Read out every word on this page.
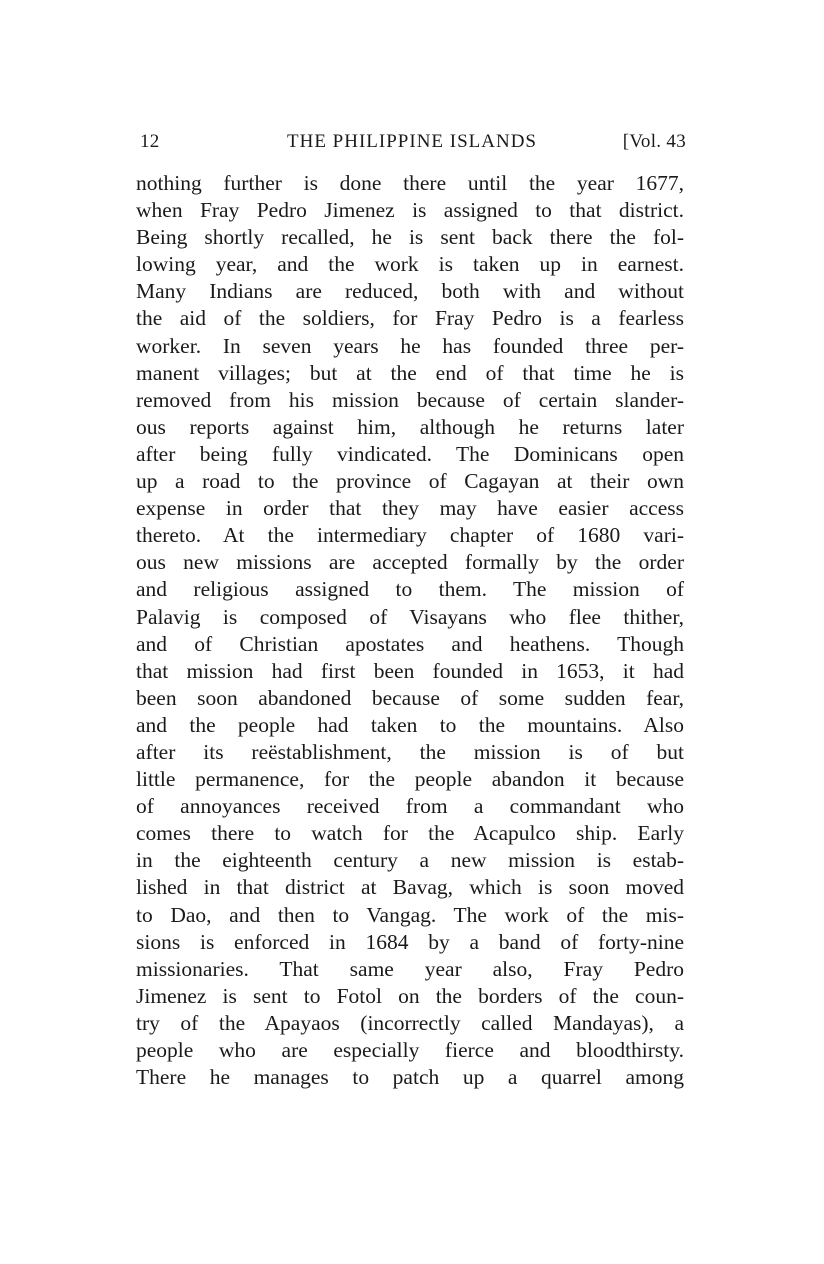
12	THE PHILIPPINE ISLANDS	[Vol. 43
nothing further is done there until the year 1677,
when Fray Pedro Jimenez is assigned to that district.
Being shortly recalled, he is sent back there the fol-
lowing year, and the work is taken up in earnest.
Many Indians are reduced, both with and without
the aid of the soldiers, for Fray Pedro is a fearless
worker. In seven years he has founded three per-
manent villages; but at the end of that time he is
removed from his mission because of certain slander-
ous reports against him, although he returns later
after being fully vindicated. The Dominicans open
up a road to the province of Cagayan at their own
expense in order that they may have easier access
thereto. At the intermediary chapter of 1680 vari-
ous new missions are accepted formally by the order
and religious assigned to them. The mission of
Palavig is composed of Visayans who flee thither,
and of Christian apostates and heathens. Though
that mission had first been founded in 1653, it had
been soon abandoned because of some sudden fear,
and the people had taken to the mountains. Also
after its reëstablishment, the mission is of but
little permanence, for the people abandon it because
of annoyances received from a commandant who
comes there to watch for the Acapulco ship. Early
in the eighteenth century a new mission is estab-
lished in that district at Bavag, which is soon moved
to Dao, and then to Vangag. The work of the mis-
sions is enforced in 1684 by a band of forty-nine
missionaries. That same year also, Fray Pedro
Jimenez is sent to Fotol on the borders of the coun-
try of the Apayaos (incorrectly called Mandayas), a
people who are especially fierce and bloodthirsty.
There he manages to patch up a quarrel among
